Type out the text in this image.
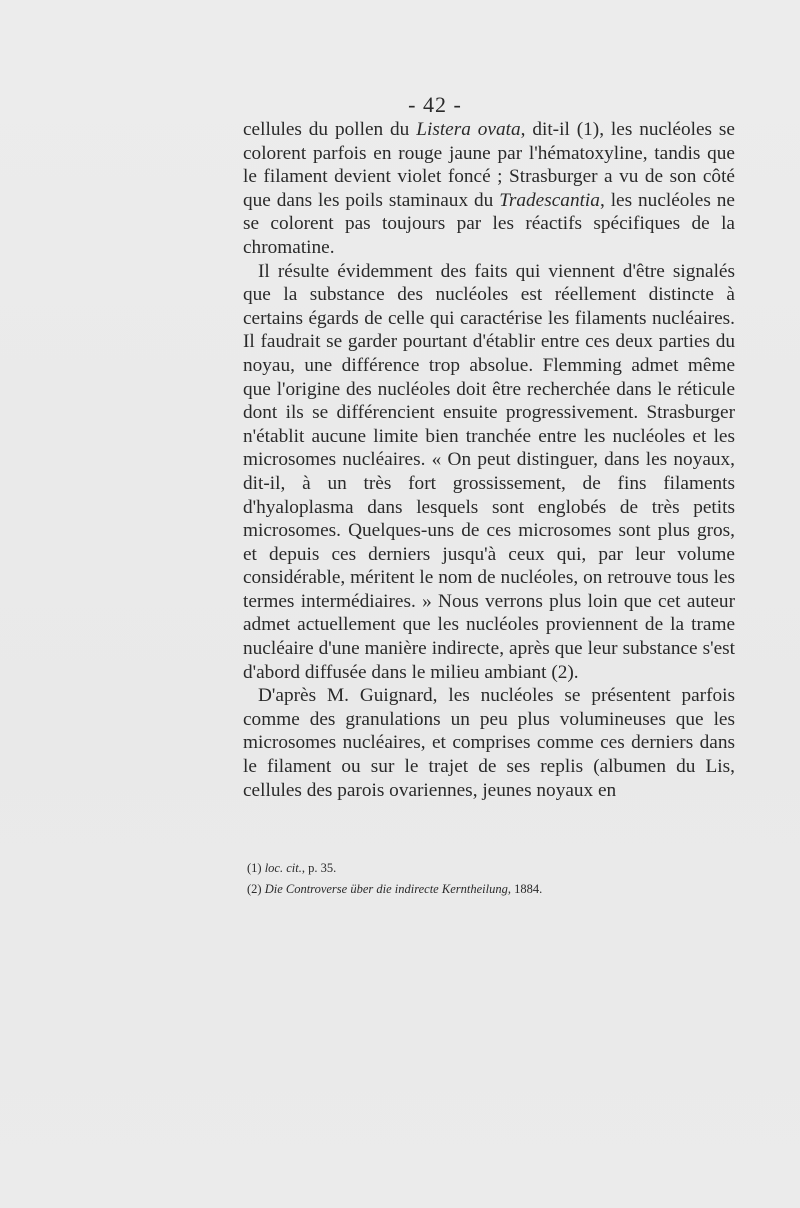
- 42 -

cellules du pollen du Listera ovata, dit-il (1), les nucléoles se colorent parfois en rouge jaune par l'hématoxyline, tandis que le filament devient violet foncé ; Strasburger a vu de son côté que dans les poils staminaux du Tradescantia, les nucléoles ne se colorent pas toujours par les réactifs spécifiques de la chromatine.

Il résulte évidemment des faits qui viennent d'être signalés que la substance des nucléoles est réellement distincte à certains égards de celle qui caractérise les filaments nucléaires. Il faudrait se garder pourtant d'établir entre ces deux parties du noyau, une différence trop absolue. Flemming admet même que l'origine des nucléoles doit être recherchée dans le réticule dont ils se différencient ensuite progressivement. Strasburger n'établit aucune limite bien tranchée entre les nucléoles et les microsomes nucléaires. « On peut distinguer, dans les noyaux, dit-il, à un très fort grossissement, de fins filaments d'hyaloplasma dans lesquels sont englobés de très petits microsomes. Quelques-uns de ces microsomes sont plus gros, et depuis ces derniers jusqu'à ceux qui, par leur volume considérable, méritent le nom de nucléoles, on retrouve tous les termes intermédiaires. » Nous verrons plus loin que cet auteur admet actuellement que les nucléoles proviennent de la trame nucléaire d'une manière indirecte, après que leur substance s'est d'abord diffusée dans le milieu ambiant (2).

D'après M. Guignard, les nucléoles se présentent parfois comme des granulations un peu plus volumineuses que les microsomes nucléaires, et comprises comme ces derniers dans le filament ou sur le trajet de ses replis (albumen du Lis, cellules des parois ovariennes, jeunes noyaux en

(1) loc. cit., p. 35.

(2) Die Controverse über die indirecte Kerntheilung, 1884.
